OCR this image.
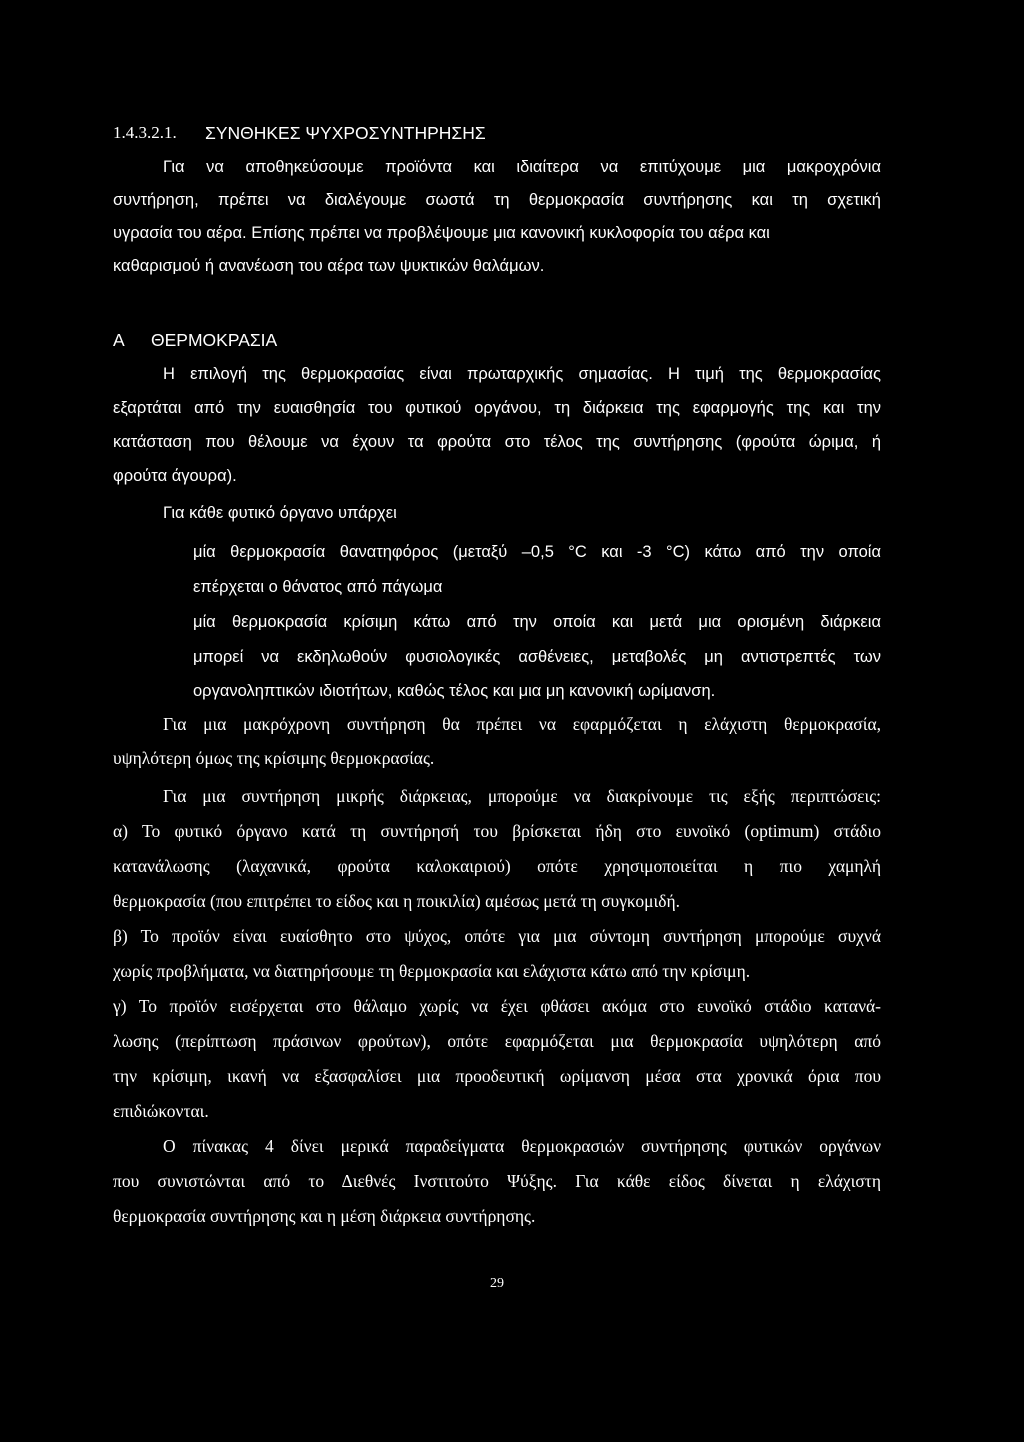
1.4.3.2.1. ΣΥΝΘΗΚΕΣ ΨΥΧΡΟΣΥΝΤΗΡΗΣΗΣ

Για να αποθηκεύσουμε προϊόντα και ιδιαίτερα να επιτύχουμε μια μακροχρόνια

συντήρηση, πρέπει να διαλέγουμε σωστά τη θερμοκρασία συντήρησης και τη σχετική

υγρασία του αέρα. Επίσης πρέπει να προβλέψουμε μια κανονική κυκλοφορία του αέρα και

καθαρισμού ή ανανέωση του αέρα των ψυκτικών θαλάμων.

Α ΘΕΡΜΟΚΡΑΣΙΑ

Η επιλογή της θερμοκρασίας είναι πρωταρχικής σημασίας. Η τιμή της θερμοκρασίας

εξαρτάται από την ευαισθησία του φυτικού οργάνου, τη διάρκεια της εφαρμογής της και την

κατάσταση που θέλουμε να έχουν τα φρούτα στο τέλος της συντήρησης (φρούτα ώριμα, ή

φρούτα άγουρα).

Για κάθε φυτικό όργανο υπάρχει

μία θερμοκρασία θανατηφόρος (μεταξύ –0,5 °C και -3 °C) κάτω από την οποία

επέρχεται ο θάνατος από πάγωμα

μία θερμοκρασία κρίσιμη κάτω από την οποία και μετά μια ορισμένη διάρκεια

μπορεί να εκδηλωθούν φυσιολογικές ασθένειες, μεταβολές μη αντιστρεπτές των

οργανοληπτικών ιδιοτήτων, καθώς τέλος και μια μη κανονική ωρίμανση.

Για μια μακρόχρονη συντήρηση θα πρέπει να εφαρμόζεται η ελάχιστη θερμοκρασία,

υψηλότερη όμως της κρίσιμης θερμοκρασίας.

Για μια συντήρηση μικρής διάρκειας, μπορούμε να διακρίνουμε τις εξής περιπτώσεις:

α) Το φυτικό όργανο κατά τη συντήρησή του βρίσκεται ήδη στο ευνοϊκό (optimum) στάδιο

κατανάλωσης (λαχανικά, φρούτα καλοκαιριού) οπότε χρησιμοποιείται η πιο χαμηλή

θερμοκρασία (που επιτρέπει το είδος και η ποικιλία) αμέσως μετά τη συγκομιδή.

β) Το προϊόν είναι ευαίσθητο στο ψύχος, οπότε για μια σύντομη συντήρηση μπορούμε συχνά

χωρίς προβλήματα, να διατηρήσουμε τη θερμοκρασία και ελάχιστα κάτω από την κρίσιμη.

γ) Το προϊόν εισέρχεται στο θάλαμο χωρίς να έχει φθάσει ακόμα στο ευνοϊκό στάδιο κατανά-

λωσης (περίπτωση πράσινων φρούτων), οπότε εφαρμόζεται μια θερμοκρασία υψηλότερη από

την κρίσιμη, ικανή να εξασφαλίσει μια προοδευτική ωρίμανση μέσα στα χρονικά όρια που

επιδιώκονται.

Ο πίνακας 4 δίνει μερικά παραδείγματα θερμοκρασιών συντήρησης φυτικών οργάνων

που συνιστώνται από το Διεθνές Ινστιτούτο Ψύξης. Για κάθε είδος δίνεται η ελάχιστη

θερμοκρασία συντήρησης και η μέση διάρκεια συντήρησης.

29
